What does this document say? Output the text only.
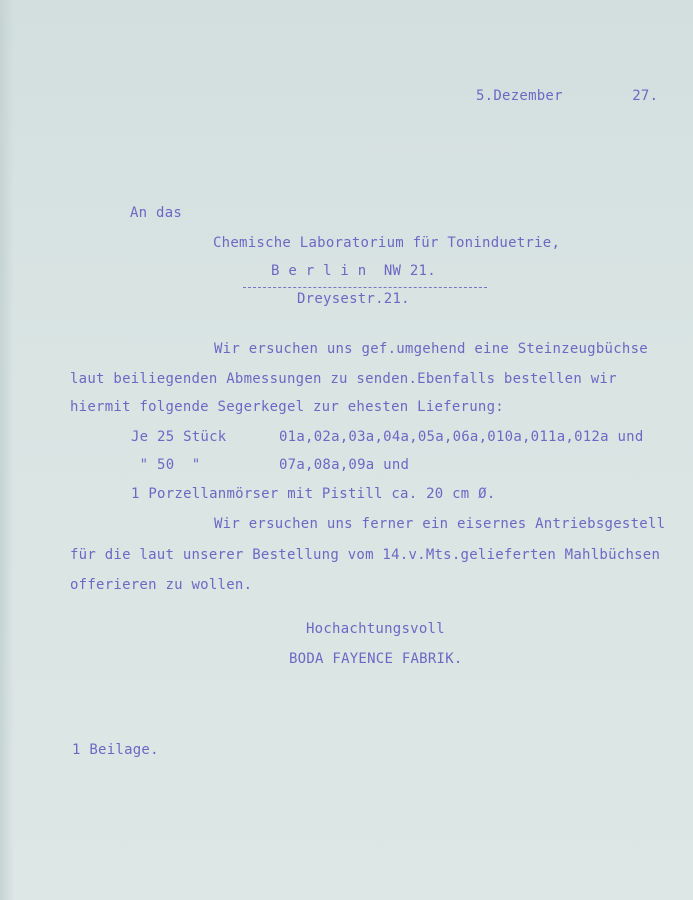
5.Dezember        27.

An das

Chemische Laboratorium für Toninduetrie,

B e r l i n  NW 21.

Dreysestr.21.

Wir ersuchen uns gef.umgehend eine Steinzeugbüchse

laut beiliegenden Abmessungen zu senden.Ebenfalls bestellen wir

hiermit folgende Segerkegel zur ehesten Lieferung:

Je 25 Stück	01a,02a,03a,04a,05a,06a,010a,011a,012a und

" 50  "	07a,08a,09a und

1 Porzellanmörser mit Pistill ca. 20 cm Ø.

Wir ersuchen uns ferner ein eisernes Antriebsgestell

für die laut unserer Bestellung vom 14.v.Mts.gelieferten Mahlbüchsen

offerieren zu wollen.

Hochachtungsvoll

BODA FAYENCE FABRIK.

1 Beilage.
